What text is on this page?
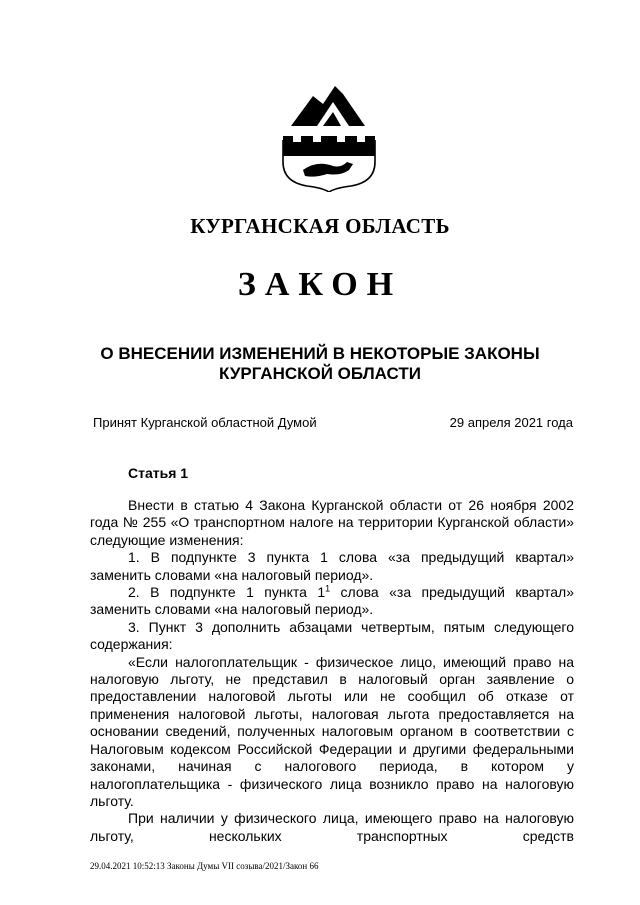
КУРГАНСКАЯ ОБЛАСТЬ
ЗАКОН
О ВНЕСЕНИИ ИЗМЕНЕНИЙ В НЕКОТОРЫЕ ЗАКОНЫ
КУРГАНСКОЙ ОБЛАСТИ
Принят Курганской областной Думой	29 апреля 2021 года
Статья 1

Внести в статью 4 Закона Курганской области от 26 ноября 2002 года № 255 «О транспортном налоге на территории Курганской области» следующие изменения:

1. В подпункте 3 пункта 1 слова «за предыдущий квартал» заменить словами «на налоговый период».

2. В подпункте 1 пункта $1^1$ слова «за предыдущий квартал» заменить словами «на налоговый период».

3. Пункт 3 дополнить абзацами четвертым, пятым следующего содержания:

«Если налогоплательщик - физическое лицо, имеющий право на налоговую льготу, не представил в налоговый орган заявление о предоставлении налоговой льготы или не сообщил об отказе от применения налоговой льготы, налоговая льгота предоставляется на основании сведений, полученных налоговым органом в соответствии с Налоговым кодексом Российской Федерации и другими федеральными законами, начиная с налогового периода, в котором у налогоплательщика - физического лица возникло право на налоговую льготу.

При наличии у физического лица, имеющего право на налоговую льготу, нескольких транспортных средств

29.04.2021 10:52:13 Законы Думы VII созыва/2021/Закон 66
